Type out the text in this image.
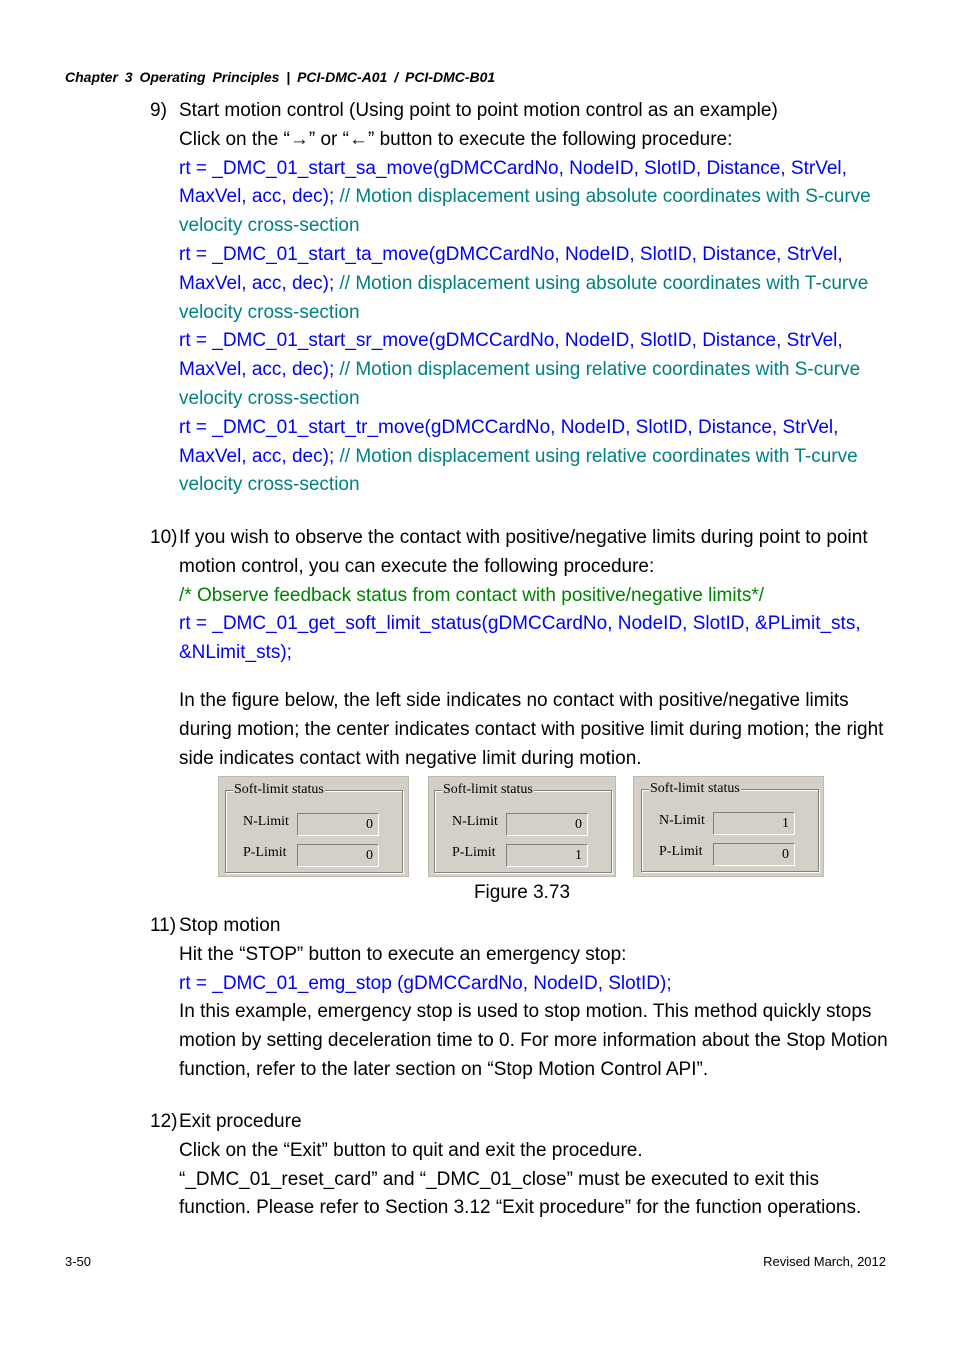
Chapter 3 Operating Principles | PCI-DMC-A01 / PCI-DMC-B01
9) Start motion control (Using point to point motion control as an example)
Click on the “→” or “←” button to execute the following procedure:
rt = _DMC_01_start_sa_move(gDMCCardNo, NodeID, SlotID, Distance, StrVel,
MaxVel, acc, dec); // Motion displacement using absolute coordinates with S-curve
velocity cross-section
rt = _DMC_01_start_ta_move(gDMCCardNo, NodeID, SlotID, Distance, StrVel,
MaxVel, acc, dec); // Motion displacement using absolute coordinates with T-curve
velocity cross-section
rt = _DMC_01_start_sr_move(gDMCCardNo, NodeID, SlotID, Distance, StrVel,
MaxVel, acc, dec); // Motion displacement using relative coordinates with S-curve
velocity cross-section
rt = _DMC_01_start_tr_move(gDMCCardNo, NodeID, SlotID, Distance, StrVel,
MaxVel, acc, dec); // Motion displacement using relative coordinates with T-curve
velocity cross-section
10) If you wish to observe the contact with positive/negative limits during point to point
motion control, you can execute the following procedure:
/* Observe feedback status from contact with positive/negative limits*/
rt = _DMC_01_get_soft_limit_status(gDMCCardNo, NodeID, SlotID, &PLimit_sts,
&NLimit_sts);
In the figure below, the left side indicates no contact with positive/negative limits
during motion; the center indicates contact with positive limit during motion; the right
side indicates contact with negative limit during motion.
Soft-limit status
N-Limit	0
P-Limit	0
Soft-limit status
N-Limit	0
P-Limit	1
Soft-limit status
N-Limit	1
P-Limit	0
Figure 3.73
11) Stop motion
Hit the “STOP” button to execute an emergency stop:
rt = _DMC_01_emg_stop (gDMCCardNo, NodeID, SlotID);
In this example, emergency stop is used to stop motion. This method quickly stops
motion by setting deceleration time to 0. For more information about the Stop Motion
function, refer to the later section on “Stop Motion Control API”.
12) Exit procedure
Click on the “Exit” button to quit and exit the procedure.
“_DMC_01_reset_card” and “_DMC_01_close” must be executed to exit this
function. Please refer to Section 3.12 “Exit procedure” for the function operations.
3-50	Revised March, 2012
